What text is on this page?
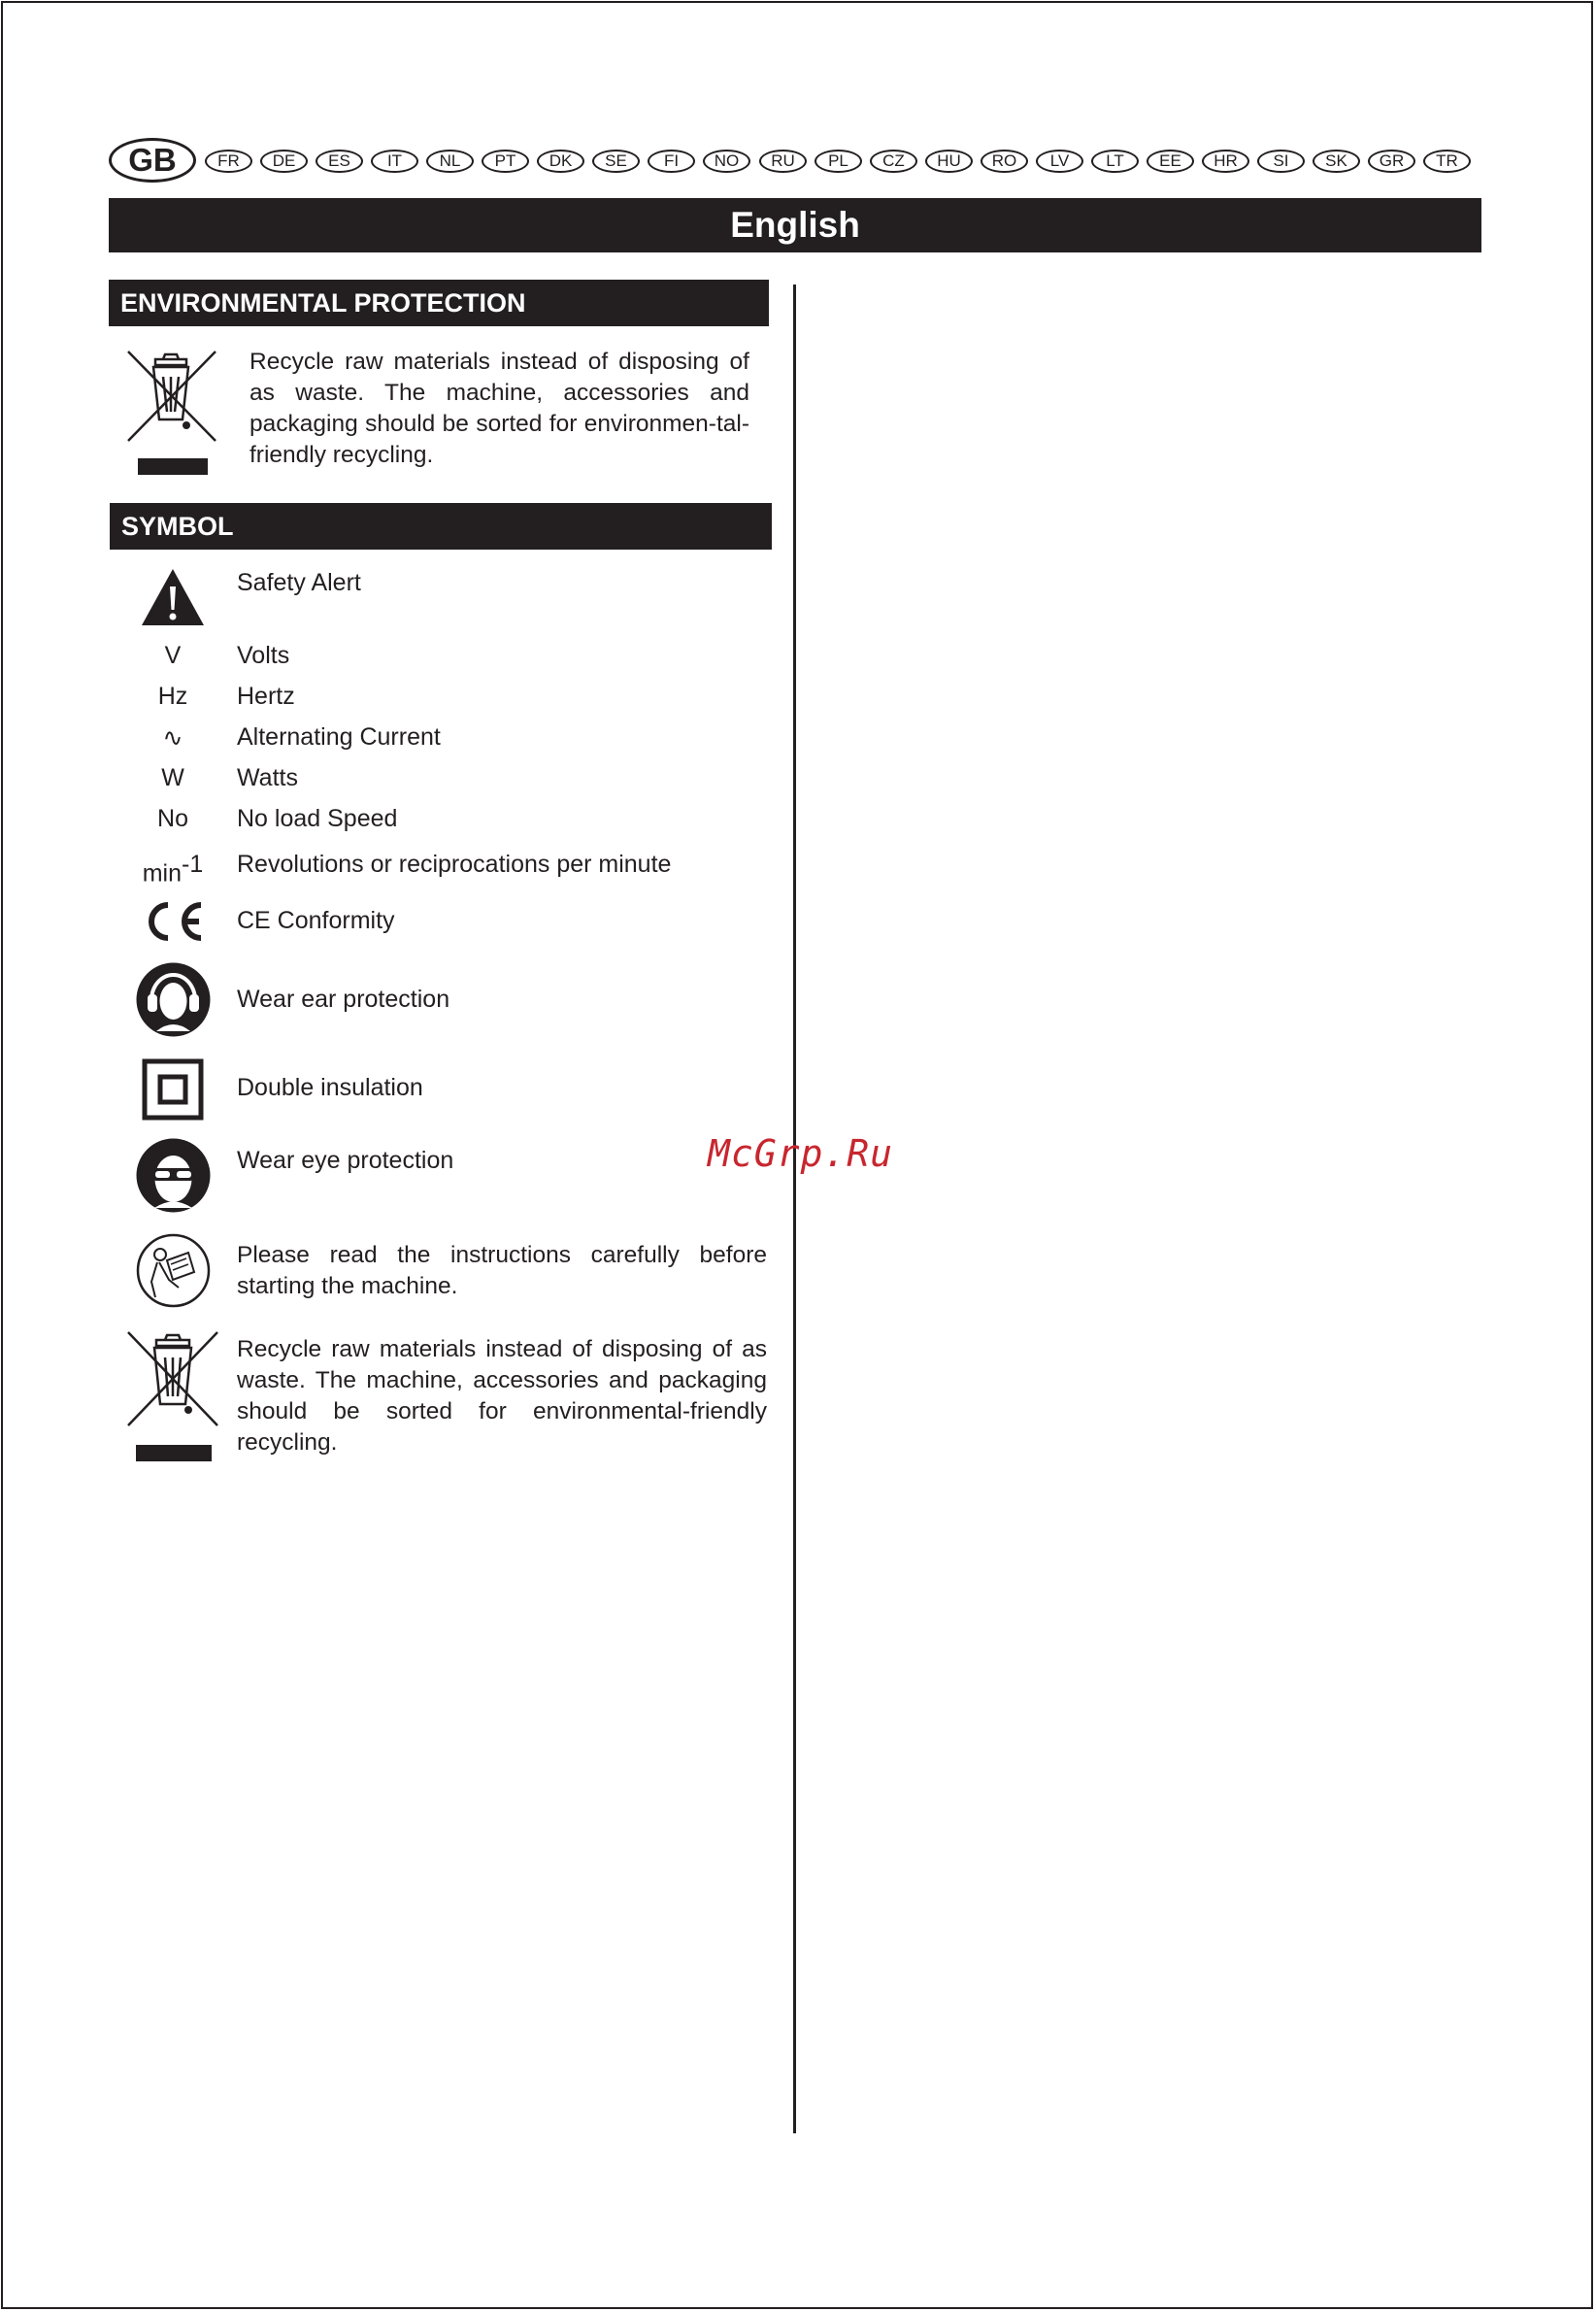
GB	FR	DE	ES	IT	NL	PT	DK	SE	FI	NO	RU	PL	CZ	HU	RO	LV	LT	EE	HR	SI	SK	GR	TR
English
ENVIRONMENTAL PROTECTION
Recycle raw materials instead of disposing of as waste. The machine, accessories and packaging should be sorted for environmen-tal-friendly recycling.
SYMBOL
Safety Alert
V	Volts
Hz	Hertz
∿	Alternating Current
W	Watts
No	No load Speed
$\min^{-1}$	Revolutions or reciprocations per minute
CE Conformity
Wear ear protection
Double insulation
Wear eye protection
Please read the instructions carefully before starting the machine.
Recycle raw materials instead of disposing of as waste. The machine, accessories and packaging should be sorted for environmental-friendly recycling.
McGrp.Ru
